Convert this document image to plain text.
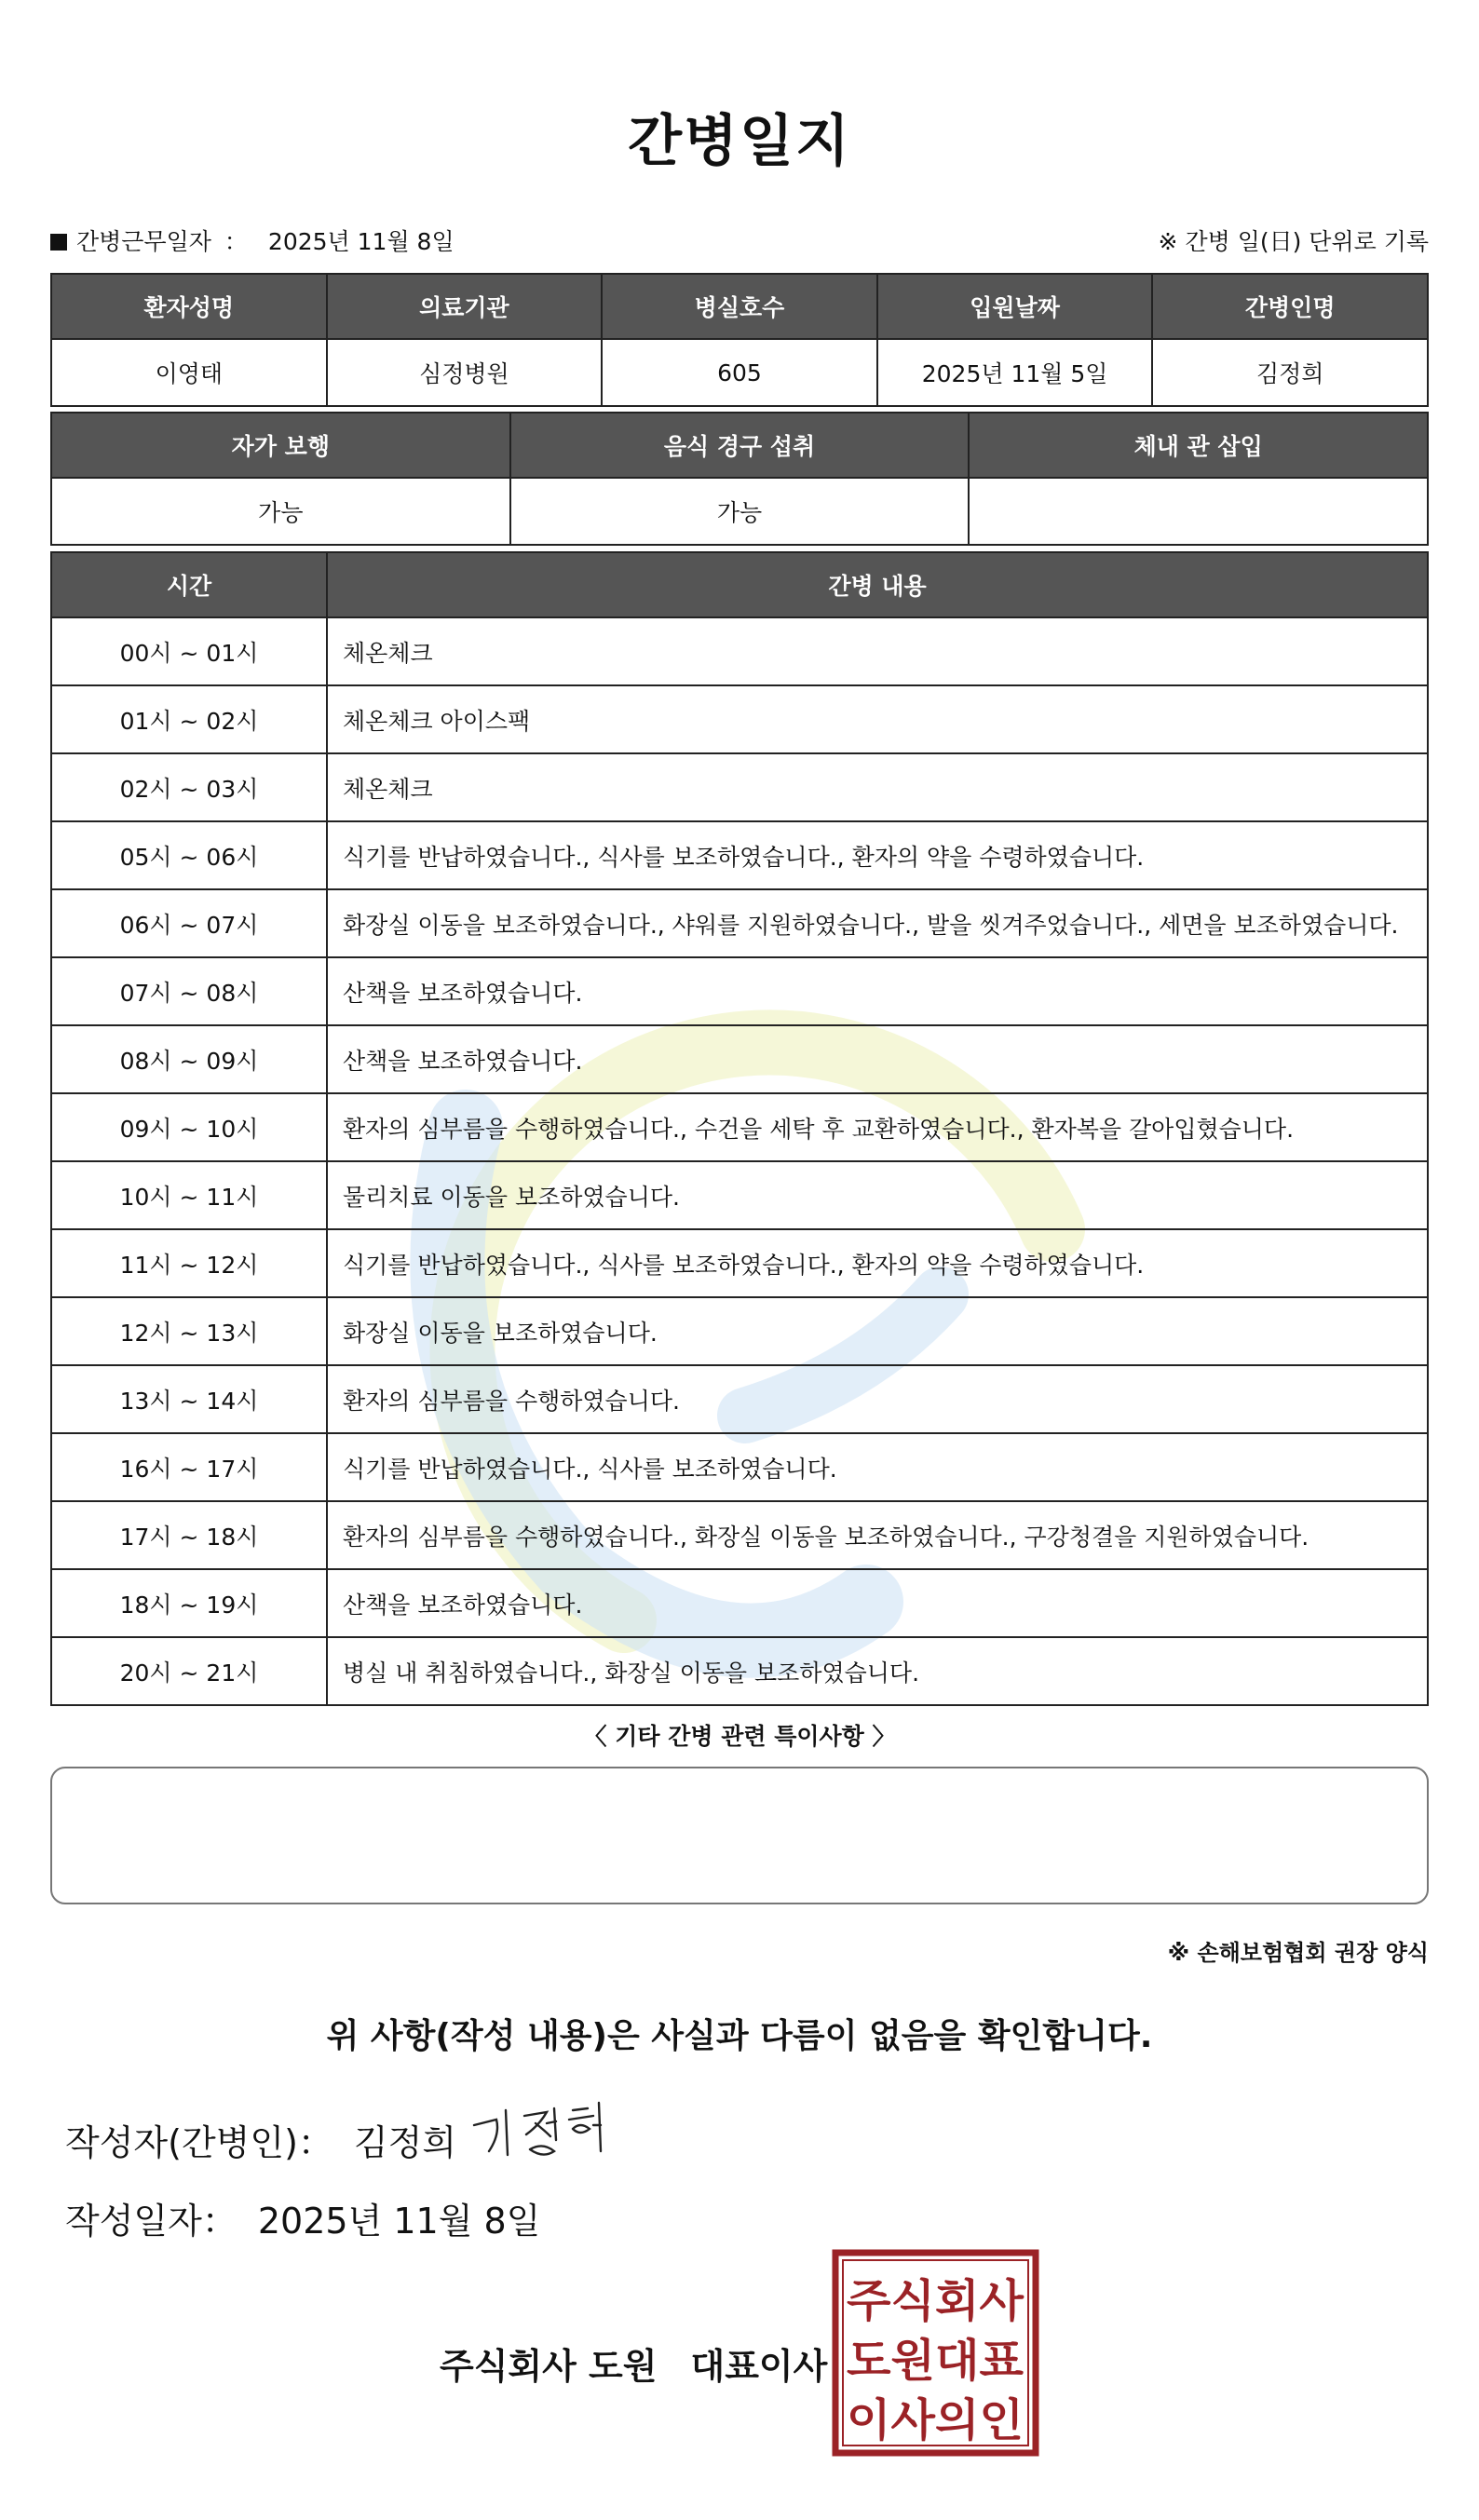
간병일지
간병근무일자 ： 2025년 11월 8일	※ 간병 일(日) 단위로 기록
환자성명	의료기관	병실호수	입원날짜	간병인명
이영태	심정병원	605	2025년 11월 5일	김정희
자가 보행	음식 경구 섭취	체내 관 삽입
가능	가능	
시간	간병 내용
00시 ~ 01시	체온체크
01시 ~ 02시	체온체크 아이스팩
02시 ~ 03시	체온체크
05시 ~ 06시	식기를 반납하였습니다., 식사를 보조하였습니다., 환자의 약을 수령하였습니다.
06시 ~ 07시	화장실 이동을 보조하였습니다., 샤워를 지원하였습니다., 발을 씻겨주었습니다., 세면을 보조하였습니다.
07시 ~ 08시	산책을 보조하였습니다.
08시 ~ 09시	산책을 보조하였습니다.
09시 ~ 10시	환자의 심부름을 수행하였습니다., 수건을 세탁 후 교환하였습니다., 환자복을 갈아입혔습니다.
10시 ~ 11시	물리치료 이동을 보조하였습니다.
11시 ~ 12시	식기를 반납하였습니다., 식사를 보조하였습니다., 환자의 약을 수령하였습니다.
12시 ~ 13시	화장실 이동을 보조하였습니다.
13시 ~ 14시	환자의 심부름을 수행하였습니다.
16시 ~ 17시	식기를 반납하였습니다., 식사를 보조하였습니다.
17시 ~ 18시	환자의 심부름을 수행하였습니다., 화장실 이동을 보조하였습니다., 구강청결을 지원하였습니다.
18시 ~ 19시	산책을 보조하였습니다.
20시 ~ 21시	병실 내 취침하였습니다., 화장실 이동을 보조하였습니다.
〈 기타 간병 관련 특이사항 〉
※ 손해보험협회 권장 양식
위 사항(작성 내용)은 사실과 다름이 없음을 확인합니다.
작성자(간병인)： 김정희
작성일자： 2025년 11월 8일
주식회사 도원 대표이사
주식회사
도원대표
이사의인
